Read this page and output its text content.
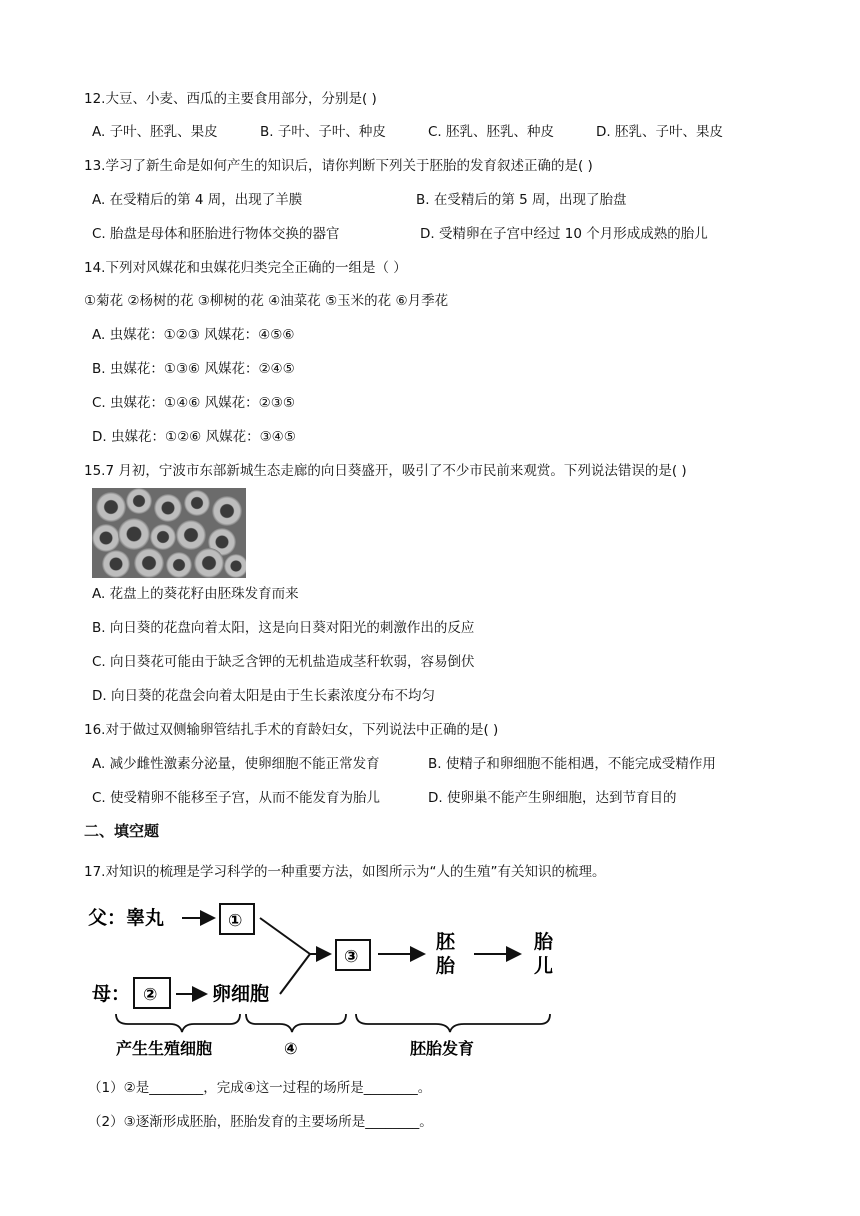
12.大豆、小麦、西瓜的主要食用部分，分别是( )
A. 子叶、胚乳、果皮	B. 子叶、子叶、种皮	C. 胚乳、胚乳、种皮	D. 胚乳、子叶、果皮
13.学习了新生命是如何产生的知识后，请你判断下列关于胚胎的发育叙述正确的是( )
A. 在受精后的第 4 周，出现了羊膜	B. 在受精后的第 5 周，出现了胎盘
C. 胎盘是母体和胚胎进行物体交换的器官	D. 受精卵在子宫中经过 10 个月形成成熟的胎儿
14.下列对风媒花和虫媒花归类完全正确的一组是（ ）
①菊花 ②杨树的花 ③柳树的花 ④油菜花 ⑤玉米的花 ⑥月季花
A. 虫媒花：①②③ 风媒花：④⑤⑥
B. 虫媒花：①③⑥ 风媒花：②④⑤
C. 虫媒花：①④⑥ 风媒花：②③⑤
D. 虫媒花：①②⑥ 风媒花：③④⑤
15.7 月初，宁波市东部新城生态走廊的向日葵盛开，吸引了不少市民前来观赏。下列说法错误的是( )
A. 花盘上的葵花籽由胚珠发育而来
B. 向日葵的花盘向着太阳，这是向日葵对阳光的刺激作出的反应
C. 向日葵花可能由于缺乏含钾的无机盐造成茎秆软弱，容易倒伏
D. 向日葵的花盘会向着太阳是由于生长素浓度分布不均匀
16.对于做过双侧输卵管结扎手术的育龄妇女，下列说法中正确的是( )
A. 减少雌性激素分泌量，使卵细胞不能正常发育	B. 使精子和卵细胞不能相遇，不能完成受精作用
C. 使受精卵不能移至子宫，从而不能发育为胎儿	D. 使卵巢不能产生卵细胞，达到节育目的
二、填空题
17.对知识的梳理是学习科学的一种重要方法，如图所示为“人的生殖”有关知识的梳理。
父：睾丸	①
母： ②	卵细胞
③
胚
胎
胎
儿
产生生殖细胞	④	胚胎发育
（1）②是________，完成④这一过程的场所是________。
（2）③逐渐形成胚胎，胚胎发育的主要场所是________。
